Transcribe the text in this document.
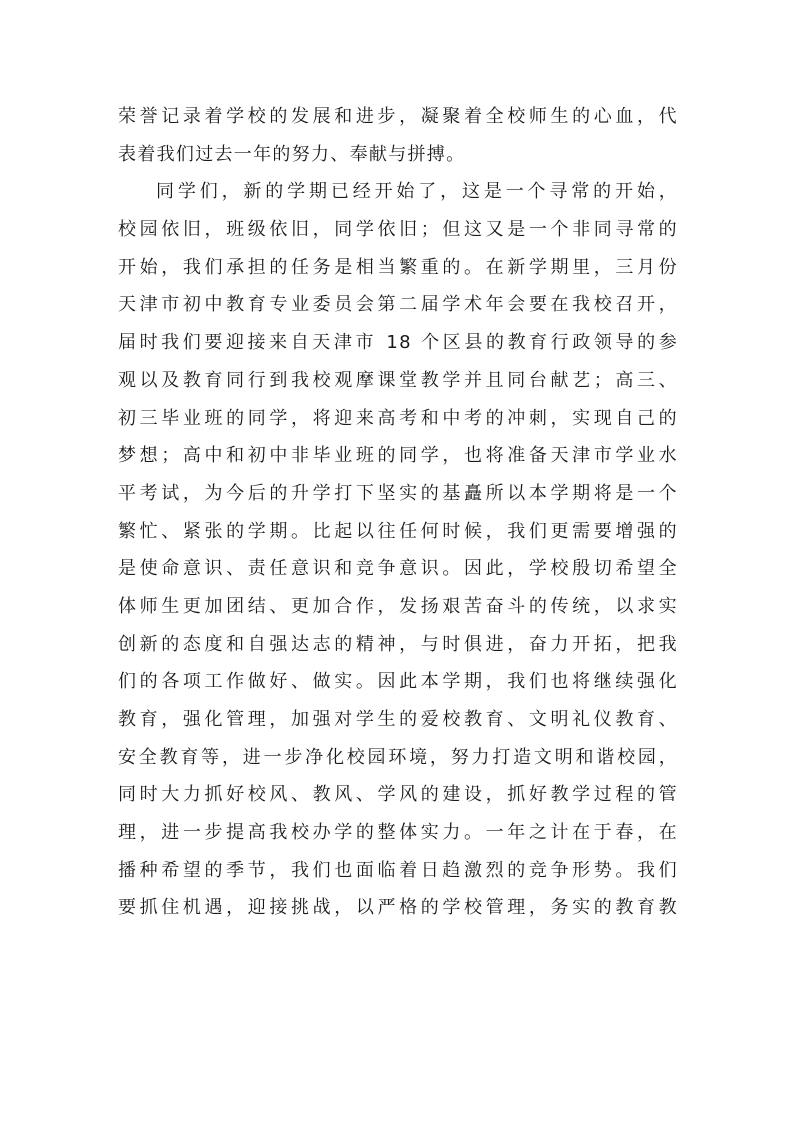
荣誉记录着学校的发展和进步，凝聚着全校师生的心血，代
表着我们过去一年的努力、奉献与拼搏。
同学们，新的学期已经开始了，这是一个寻常的开始，
校园依旧，班级依旧，同学依旧；但这又是一个非同寻常的
开始，我们承担的任务是相当繁重的。在新学期里，三月份
天津市初中教育专业委员会第二届学术年会要在我校召开，
届时我们要迎接来自天津市 18 个区县的教育行政领导的参
观以及教育同行到我校观摩课堂教学并且同台献艺；高三、
初三毕业班的同学，将迎来高考和中考的冲刺，实现自己的
梦想；高中和初中非毕业班的同学，也将准备天津市学业水
平考试，为今后的升学打下坚实的基矗所以本学期将是一个
繁忙、紧张的学期。比起以往任何时候，我们更需要增强的
是使命意识、责任意识和竞争意识。因此，学校殷切希望全
体师生更加团结、更加合作，发扬艰苦奋斗的传统，以求实
创新的态度和自强达志的精神，与时俱进，奋力开拓，把我
们的各项工作做好、做实。因此本学期，我们也将继续强化
教育，强化管理，加强对学生的爱校教育、文明礼仪教育、
安全教育等，进一步净化校园环境，努力打造文明和谐校园，
同时大力抓好校风、教风、学风的建设，抓好教学过程的管
理，进一步提高我校办学的整体实力。一年之计在于春，在
播种希望的季节，我们也面临着日趋激烈的竞争形势。我们
要抓住机遇，迎接挑战，以严格的学校管理，务实的教育教
